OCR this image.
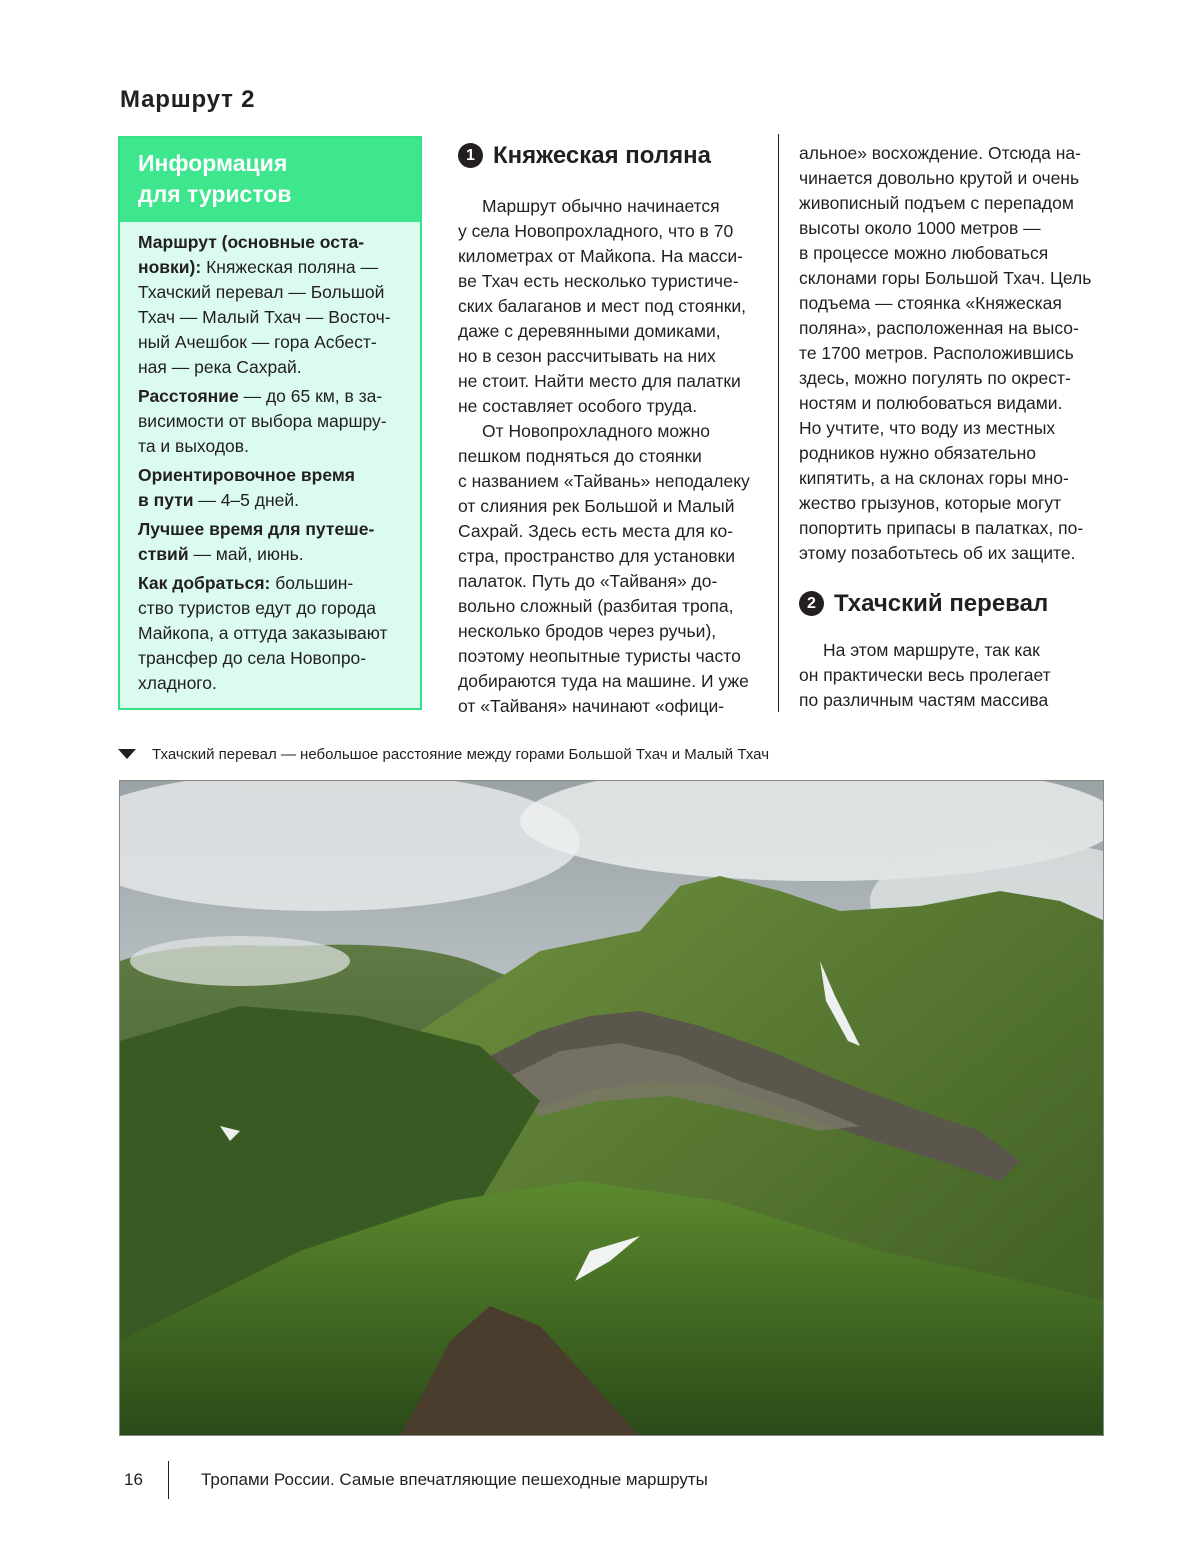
Маршрут 2
Информация
для туристов

Маршрут (основные оста-
новки): Княжеская поляна —
Тхачский перевал — Большой
Тхач — Малый Тхач — Восточ-
ный Ачешбок — гора Асбест-
ная — река Сахрай.

Расстояние — до 65 км, в за-
висимости от выбора маршру-
та и выходов.

Ориентировочное время
в пути — 4–5 дней.

Лучшее время для путеше-
ствий — май, июнь.

Как добраться: большин-
ство туристов едут до города
Майкопа, а оттуда заказывают
трансфер до села Новопро-
хладного.

1 Княжеская поляна
Маршрут обычно начинается
у села Новопрохладного, что в 70
километрах от Майкопа. На масси-
ве Тхач есть несколько туристиче-
ских балаганов и мест под стоянки,
даже с деревянными домиками,
но в сезон рассчитывать на них
не стоит. Найти место для палатки
не составляет особого труда.
От Новопрохладного можно
пешком подняться до стоянки
с названием «Тайвань» неподалеку
от слияния рек Большой и Малый
Сахрай. Здесь есть места для ко-
стра, пространство для установки
палаток. Путь до «Тайваня» до-
вольно сложный (разбитая тропа,
несколько бродов через ручьи),
поэтому неопытные туристы часто
добираются туда на машине. И уже
от «Тайваня» начинают «офици-
альное» восхождение. Отсюда на-
чинается довольно крутой и очень
живописный подъем с перепадом
высоты около 1000 метров —
в процессе можно любоваться
склонами горы Большой Тхач. Цель
подъема — стоянка «Княжеская
поляна», расположенная на высо-
те 1700 метров. Расположившись
здесь, можно погулять по окрест-
ностям и полюбоваться видами.
Но учтите, что воду из местных
родников нужно обязательно
кипятить, а на склонах горы мно-
жество грызунов, которые могут
попортить припасы в палатках, по-
этому позаботьтесь об их защите.
2 Тхачский перевал
На этом маршруте, так как
он практически весь пролегает
по различным частям массива
Тхачский перевал — небольшое расстояние между горами Большой Тхач и Малый Тхач
16	Тропами России. Самые впечатляющие пешеходные маршруты
